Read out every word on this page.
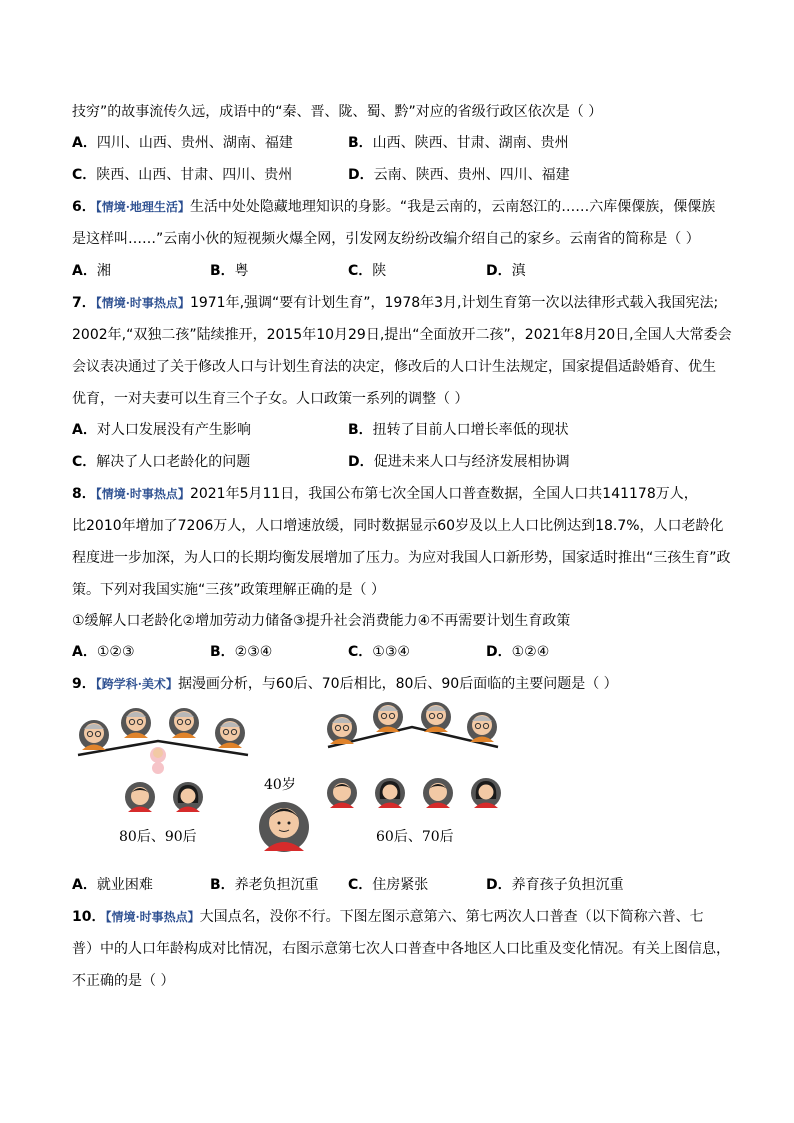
技穷”的故事流传久远，成语中的“秦、晋、陇、蜀、黔”对应的省级行政区依次是（ ）
A．四川、山西、贵州、湖南、福建	B．山西、陕西、甘肃、湖南、贵州
C．陕西、山西、甘肃、四川、贵州	D．云南、陕西、贵州、四川、福建
6．【情境·地理生活】生活中处处隐藏地理知识的身影。“我是云南的，云南怒江的……六库傈僳族，傈僳族
是这样叫……”云南小伙的短视频火爆全网，引发网友纷纷改编介绍自己的家乡。云南省的简称是（ ）
A．湘	B．粤	C．陕	D．滇
7．【情境·时事热点】1971年,强调“要有计划生育”，1978年3月,计划生育第一次以法律形式载入我国宪法;
2002年,“双独二孩”陆续推开，2015年10月29日,提出“全面放开二孩”，2021年8月20日,全国人大常委会
会议表决通过了关于修改人口与计划生育法的决定，修改后的人口计生法规定，国家提倡适龄婚育、优生
优育，一对夫妻可以生育三个子女。人口政策一系列的调整（ ）
A．对人口发展没有产生影响	B．扭转了目前人口增长率低的现状
C．解决了人口老龄化的问题	D．促进未来人口与经济发展相协调
8．【情境·时事热点】2021年5月11日，我国公布第七次全国人口普查数据，全国人口共141178万人，
比2010年增加了7206万人，人口增速放缓，同时数据显示60岁及以上人口比例达到18.7%，人口老龄化
程度进一步加深，为人口的长期均衡发展增加了压力。为应对我国人口新形势，国家适时推出“三孩生育”政
策。下列对我国实施“三孩”政策理解正确的是（ ）
①缓解人口老龄化②增加劳动力储备③提升社会消费能力④不再需要计划生育政策
A．①②③	B．②③④	C．①③④	D．①②④
9．【跨学科·美术】据漫画分析，与60后、70后相比，80后、90后面临的主要问题是（ ）
40岁
80后、90后	60后、70后
A．就业困难	B．养老负担沉重 C．住房紧张	D．养育孩子负担沉重
10．【情境·时事热点】大国点名，没你不行。下图左图示意第六、第七两次人口普查（以下简称六普、七
普）中的人口年龄构成对比情况，右图示意第七次人口普查中各地区人口比重及变化情况。有关上图信息，
不正确的是（ ）
